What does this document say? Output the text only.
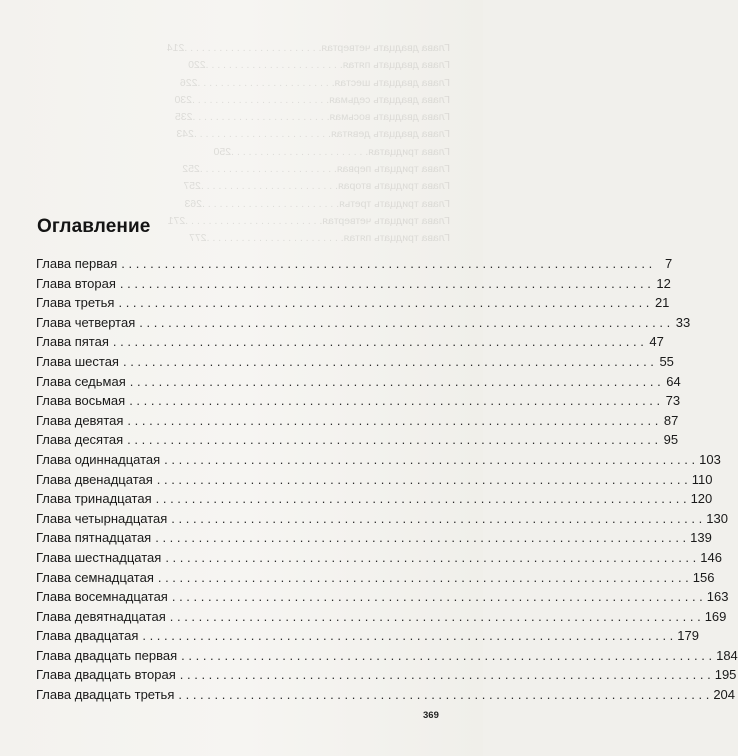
Глава двадцать четвертая
. . . . . . . . . . . . . . . . . . . . . . . .
214
Глава двадцать пятая
. . . . . . . . . . . . . . . . . . . . . . . .
220
Глава двадцать шестая
. . . . . . . . . . . . . . . . . . . . . . . .
226
Глава двадцать седьмая
. . . . . . . . . . . . . . . . . . . . . . . .
230
Глава двадцать восьмая
. . . . . . . . . . . . . . . . . . . . . . . .
235
Глава двадцать девятая
. . . . . . . . . . . . . . . . . . . . . . . .
243
Глава тридцатая
. . . . . . . . . . . . . . . . . . . . . . . .
250
Глава тридцать первая
. . . . . . . . . . . . . . . . . . . . . . . .
252
Глава тридцать вторая
. . . . . . . . . . . . . . . . . . . . . . . .
257
Глава тридцать третья
. . . . . . . . . . . . . . . . . . . . . . . .
263
Глава тридцать четвертая
. . . . . . . . . . . . . . . . . . . . . . . .
271
Глава тридцать пятая
. . . . . . . . . . . . . . . . . . . . . . . .
277
Оглавление
Глава первая . . .	7
Глава вторая . . .	12
Глава третья . . .	21
Глава четвертая . . .	33
Глава пятая . . .	47
Глава шестая . . .	55
Глава седьмая . . .	64
Глава восьмая . . .	73
Глава девятая . . .	87
Глава десятая . . .	95
Глава одиннадцатая . . .	103
Глава двенадцатая . . .	110
Глава тринадцатая . . .	120
Глава четырнадцатая . . .	130
Глава пятнадцатая . . .	139
Глава шестнадцатая . . .	146
Глава семнадцатая . . .	156
Глава восемнадцатая . . .	163
Глава девятнадцатая . . .	169
Глава двадцатая . . .	179
Глава двадцать первая . . .	184
Глава двадцать вторая . . .	195
Глава двадцать третья . . .	204
369
